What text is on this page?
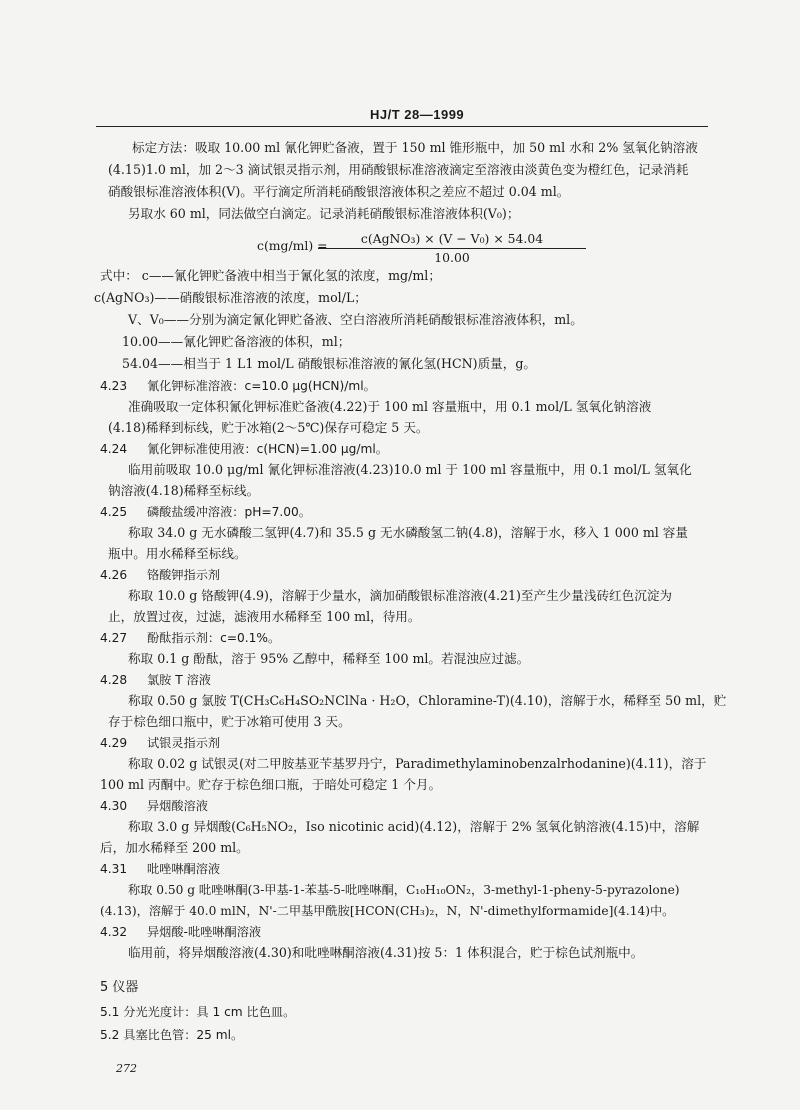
HJ/T 28—1999
标定方法：吸取 10.00 ml 氰化钾贮备液，置于 150 ml 锥形瓶中，加 50 ml 水和 2% 氢氧化钠溶液
(4.15)1.0 ml，加 2～3 滴试银灵指示剂，用硝酸银标准溶液滴定至溶液由淡黄色变为橙红色，记录消耗
硝酸银标准溶液体积(V)。平行滴定所消耗硝酸银溶液体积之差应不超过 0.04 ml。
另取水 60 ml，同法做空白滴定。记录消耗硝酸银标准溶液体积(V₀)；
c(mg/ml) =	c(AgNO₃) × (V − V₀) × 54.04
10.00
式中： c——氰化钾贮备液中相当于氰化氢的浓度，mg/ml；
c(AgNO₃)——硝酸银标准溶液的浓度，mol/L；
V、V₀——分别为滴定氰化钾贮备液、空白溶液所消耗硝酸银标准溶液体积，ml。
10.00——氰化钾贮备溶液的体积，ml；
54.04——相当于 1 L1 mol/L 硝酸银标准溶液的氰化氢(HCN)质量，g。
4.23 氰化钾标准溶液：c=10.0 μg(HCN)/ml。
准确吸取一定体积氰化钾标准贮备液(4.22)于 100 ml 容量瓶中，用 0.1 mol/L 氢氧化钠溶液
(4.18)稀释到标线，贮于冰箱(2～5℃)保存可稳定 5 天。
4.24 氰化钾标准使用液：c(HCN)=1.00 μg/ml。
临用前吸取 10.0 μg/ml 氰化钾标准溶液(4.23)10.0 ml 于 100 ml 容量瓶中，用 0.1 mol/L 氢氧化
钠溶液(4.18)稀释至标线。
4.25 磷酸盐缓冲溶液：pH=7.00。
称取 34.0 g 无水磷酸二氢钾(4.7)和 35.5 g 无水磷酸氢二钠(4.8)，溶解于水，移入 1 000 ml 容量
瓶中。用水稀释至标线。
4.26 铬酸钾指示剂
称取 10.0 g 铬酸钾(4.9)，溶解于少量水，滴加硝酸银标准溶液(4.21)至产生少量浅砖红色沉淀为
止，放置过夜，过滤，滤液用水稀释至 100 ml，待用。
4.27 酚酞指示剂：c=0.1%。
称取 0.1 g 酚酞，溶于 95% 乙醇中，稀释至 100 ml。若混浊应过滤。
4.28 氯胺 T 溶液
称取 0.50 g 氯胺 T(CH₃C₆H₄SO₂NClNa · H₂O，Chloramine-T)(4.10)，溶解于水，稀释至 50 ml，贮
存于棕色细口瓶中，贮于冰箱可使用 3 天。
4.29 试银灵指示剂
称取 0.02 g 试银灵(对二甲胺基亚苄基罗丹宁，Paradimethylaminobenzalrhodanine)(4.11)，溶于
100 ml 丙酮中。贮存于棕色细口瓶，于暗处可稳定 1 个月。
4.30 异烟酸溶液
称取 3.0 g 异烟酸(C₆H₅NO₂，Iso nicotinic acid)(4.12)，溶解于 2% 氢氧化钠溶液(4.15)中，溶解
后，加水稀释至 200 ml。
4.31 吡唑啉酮溶液
称取 0.50 g 吡唑啉酮(3-甲基-1-苯基-5-吡唑啉酮，C₁₀H₁₀ON₂，3-methyl-1-pheny-5-pyrazolone)
(4.13)，溶解于 40.0 mlN，N'-二甲基甲酰胺[HCON(CH₃)₂，N，N'-dimethylformamide](4.14)中。
4.32 异烟酸-吡唑啉酮溶液
临用前，将异烟酸溶液(4.30)和吡唑啉酮溶液(4.31)按 5：1 体积混合，贮于棕色试剂瓶中。
5 仪器
5.1 分光光度计：具 1 cm 比色皿。
5.2 具塞比色管：25 ml。
272
